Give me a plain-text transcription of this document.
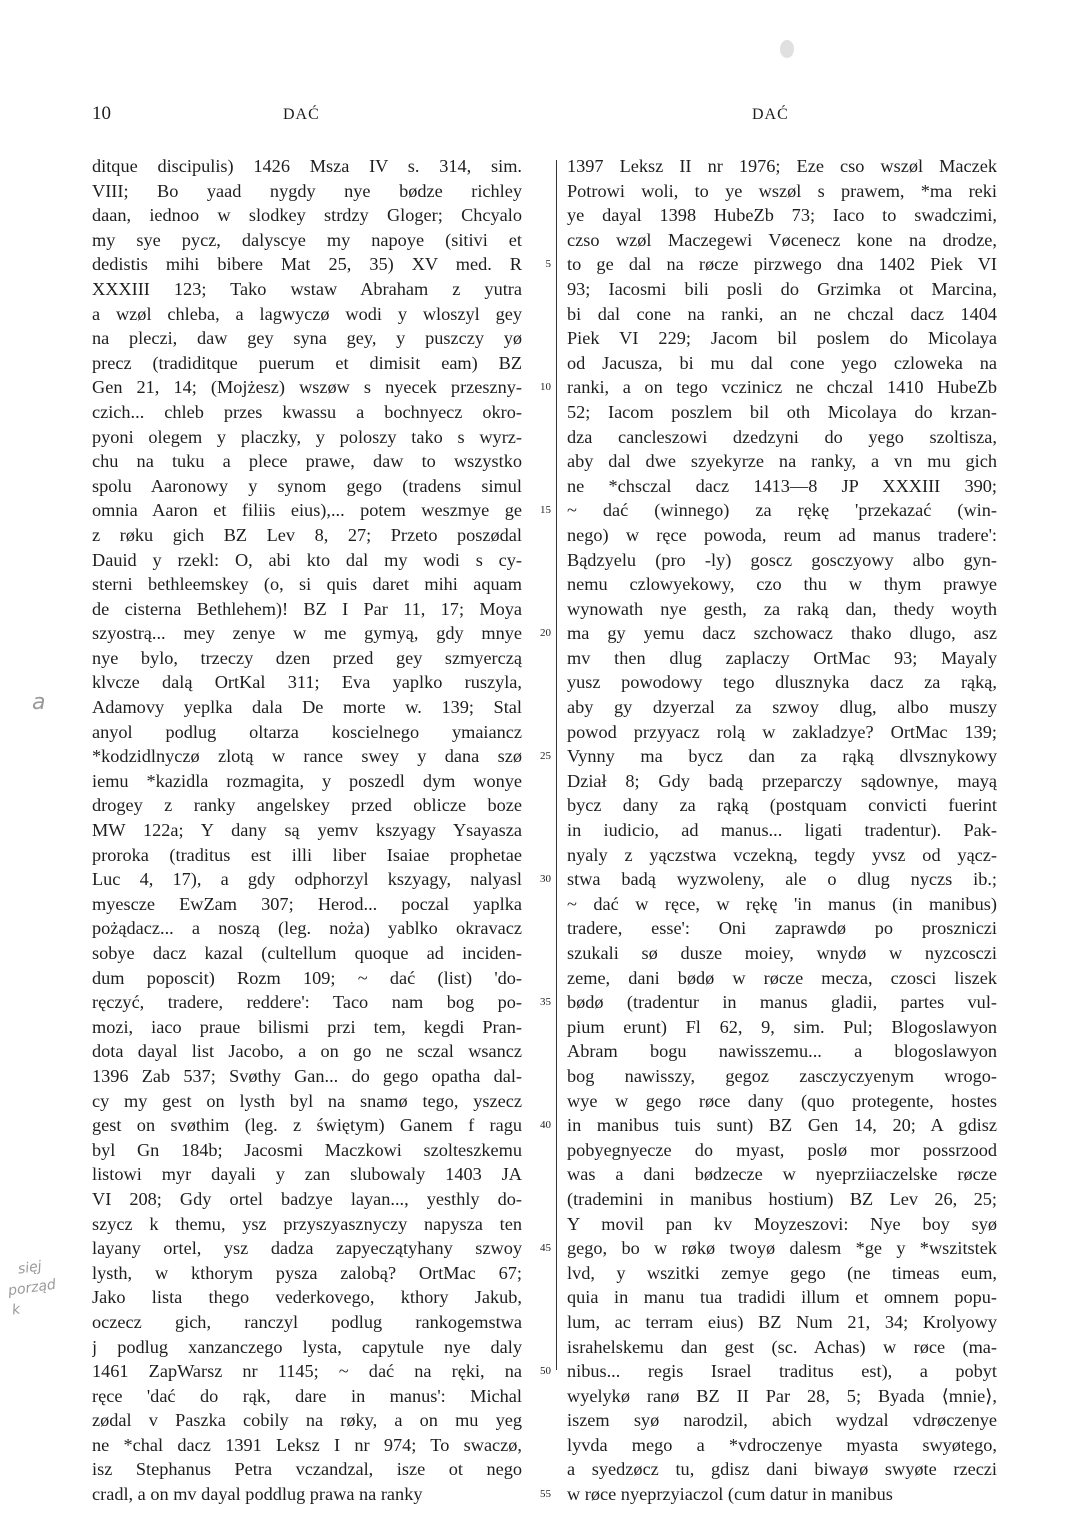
10	DAĆ	DAĆ
ditque discipulis) 1426 Msza IV s. 314, sim.
VIII; Bo yaad nygdy nye bødze richley
daan, iednoo w slodkey strdzy Gloger; Chcyalo
my sye pycz, dalyscye my napoye (sitivi et
dedistis mihi bibere Mat 25, 35) XV med. R
XXXIII 123; Tako wstaw Abraham z yutra
a wzøl chleba, a lagwyczø wodi y wloszyl gey
na pleczi, daw gey syna gey, y puszczy yø
precz (tradiditque puerum et dimisit eam) BZ
Gen 21, 14; (Mojżesz) wszøw s nyecek przeszny-
czich... chleb przes kwassu a bochnyecz okro-
pyoni olegem y placzky, y poloszy tako s wyrz-
chu na tuku a plece prawe, daw to wszystko
spolu Aaronowy y synom gego (tradens simul
omnia Aaron et filiis eius),... potem weszmye ge
z røku gich BZ Lev 8, 27; Przeto poszødal
Dauid y rzekl: O, abi kto dal my wodi s cy-
sterni bethleemskey (o, si quis daret mihi aquam
de cisterna Bethlehem)! BZ I Par 11, 17; Moya
szyostrą... mey zenye w me gymyą, gdy mnye
nye bylo, trzeczy dzen przed gey szmyerczą
klvcze dalą OrtKal 311; Eva yaplko ruszyla,
Adamovy yeplka dala De morte w. 139; Stal
anyol podlug oltarza koscielnego ymaiancz
*kodzidlnyczø zlotą w rance swey y dana szø
iemu *kazidla rozmagita, y poszedl dym wonye
drogey z ranky angelskey przed oblicze boze
MW 122a; Y dany są yemv kszyagy Ysayasza
proroka (traditus est illi liber Isaiae prophetae
Luc 4, 17), a gdy odphorzyl kszyagy, nalyasl
myescze EwZam 307; Herod... poczal yaplka
pożądacz... a noszą (leg. noża) yablko okravacz
sobye dacz kazal (cultellum quoque ad inciden-
dum poposcit) Rozm 109; ~ dać (list) 'do-
ręczyć, tradere, reddere': Taco nam bog po-
mozi, iaco praue bilismi przi tem, kegdi Pran-
dota dayal list Jacobo, a on go ne sczal wsancz
1396 Zab 537; Svøthy Gan... do gego opatha dal-
cy my gest on lysth byl na snamø tego, yszecz
gest on svøthim (leg. z świętym) Ganem f ragu
byl Gn 184b; Jacosmi Maczkowi szolteszkemu
listowi myr dayali y zan slubowaly 1403 JA
VI 208; Gdy ortel badzye layan..., yesthly do-
szycz k themu, ysz przyszyasznyczy napysza ten
layany ortel, ysz dadza zapyeczątyhany szwoy
lysth, w kthorym pysza zalobą? OrtMac 67;
Jako lista thego vederkovego, kthory Jakub,
oczecz gich, ranczyl podlug rankogemstwa
j podlug xanzanczego lysta, capytule nye daly
1461 ZapWarsz nr 1145; ~ dać na ręki, na
ręce 'dać do rąk, dare in manus': Michal
zødal v Paszka cobily na røky, a on mu yeg
ne *chal dacz 1391 Leksz I nr 974; To swaczø,
isz Stephanus Petra vczandzal, isze ot nego
cradl, a on mv dayal poddlug prawa na ranky
5
10
15
20
25
30
35
40
45
50
55
1397 Leksz II nr 1976; Eze cso wszøl Maczek
Potrowi woli, to ye wszøl s prawem, *ma reki
ye dayal 1398 HubeZb 73; Iaco to swadczimi,
czso wzøl Maczegewi Vøcenecz kone na drodze,
to ge dal na røcze pirzwego dna 1402 Piek VI
93; Iacosmi bili posli do Grzimka ot Marcina,
bi dal cone na ranki, an ne chczal dacz 1404
Piek VI 229; Jacom bil poslem do Micolaya
od Jacusza, bi mu dal cone yego czloweka na
ranki, a on tego vczinicz ne chczal 1410 HubeZb
52; Iacom poszlem bil oth Micolaya do krzan-
dza cancleszowi dzedzyni do yego szoltisza,
aby dal dwe szyekyrze na ranky, a vn mu gich
ne *chsczal dacz 1413—8 JP XXXIII 390;
~ dać (winnego) za rękę 'przekazać (win-
nego) w ręce powoda, reum ad manus tradere':
Bądzyelu (pro -ly) goscz gosczyowy albo gyn-
nemu czlowyekowy, czo thu w thym prawye
wynowath nye gesth, za raką dan, thedy woyth
ma gy yemu dacz szchowacz thako dlugo, asz
mv then dlug zaplaczy OrtMac 93; Mayaly
yusz powodowy tego dlusznyka dacz za rąką,
aby gy dzyerzal za szwoy dlug, albo muszy
powod przyyacz rolą w zakladzye? OrtMac 139;
Vynny ma bycz dan za rąką dlvsznykowy
Dział 8; Gdy badą przeparczy sądownye, mayą
bycz dany za rąką (postquam convicti fuerint
in iudicio, ad manus... ligati tradentur). Pak-
nyaly z yączstwa vczekną, tegdy yvsz od yącz-
stwa badą wyzwoleny, ale o dlug nyczs ib.;
~ dać w ręce, w rękę 'in manus (in manibus)
tradere, esse': Oni zaprawdø po proszniczi
szukali sø dusze moiey, wnydø w nyzcosczi
zeme, dani bødø w røcze mecza, czosci liszek
bødø (tradentur in manus gladii, partes vul-
pium erunt) Fl 62, 9, sim. Pul; Blogoslawyon
Abram bogu nawisszemu... a blogoslawyon
bog nawisszy, gegoz zasczyczyenym wrogo-
wye w gego røce dany (quo protegente, hostes
in manibus tuis sunt) BZ Gen 14, 20; A gdisz
pobyegnyecze do myast, poslø mor possrzood
was a dani bødzecze w nyeprziiaczelske røcze
(trademini in manibus hostium) BZ Lev 26, 25;
Y movil pan kv Moyzeszovi: Nye boy syø
gego, bo w røkø twoyø dalesm *ge y *wszitstek
lvd, y wszitki zemye gego (ne timeas eum,
quia in manu tua tradidi illum et omnem popu-
lum, ac terram eius) BZ Num 21, 34; Krolyowy
israhelskemu dan gest (sc. Achas) w røce (ma-
nibus... regis Israel traditus est), a pobyt
wyelykø ranø BZ II Par 28, 5; Byada ⟨mnie⟩,
iszem syø narodzil, abich wydzal vdrøczenye
lyvda mego a *vdroczenye myasta swyøtego,
a syedzøcz tu, gdisz dani biwayø swyøte rzeczi
w røce nyeprzyiaczol (cum datur in manibus
a
sięj
porząd
k
